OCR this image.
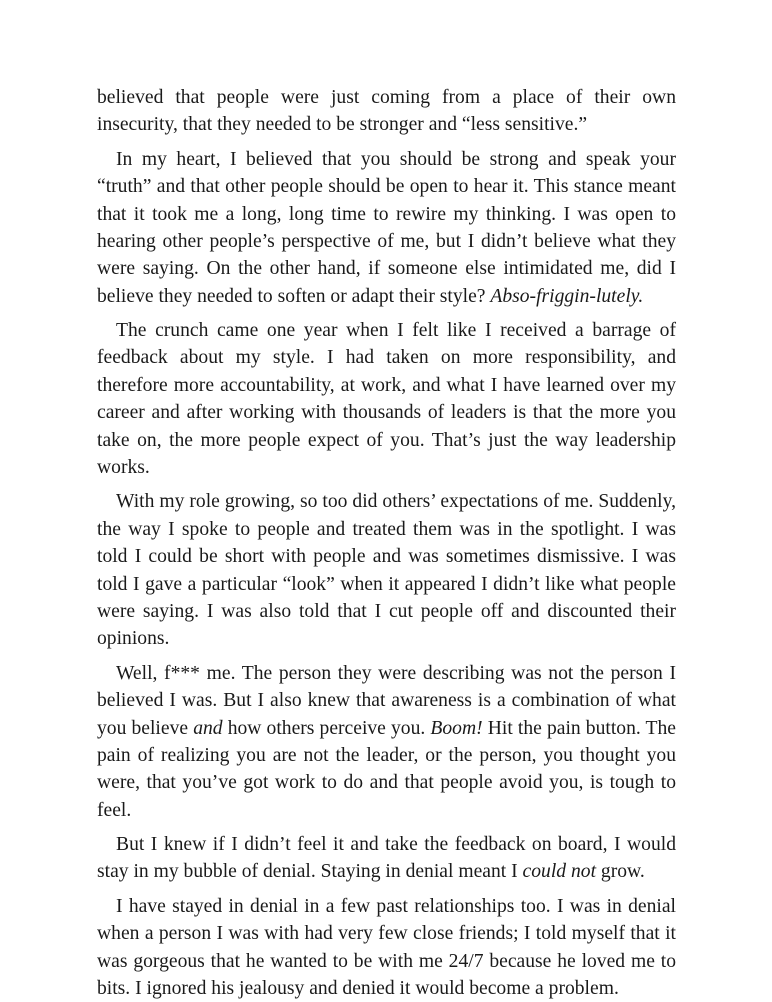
believed that people were just coming from a place of their own insecurity, that they needed to be stronger and “less sensitive.”

In my heart, I believed that you should be strong and speak your “truth” and that other people should be open to hear it. This stance meant that it took me a long, long time to rewire my thinking. I was open to hearing other people’s perspective of me, but I didn’t believe what they were saying. On the other hand, if someone else intimidated me, did I believe they needed to soften or adapt their style? Abso-friggin-lutely.

The crunch came one year when I felt like I received a barrage of feedback about my style. I had taken on more responsibility, and therefore more accountability, at work, and what I have learned over my career and after working with thousands of leaders is that the more you take on, the more people expect of you. That’s just the way leadership works.

With my role growing, so too did others’ expectations of me. Suddenly, the way I spoke to people and treated them was in the spotlight. I was told I could be short with people and was sometimes dismissive. I was told I gave a particular “look” when it appeared I didn’t like what people were saying. I was also told that I cut people off and discounted their opinions.

Well, f*** me. The person they were describing was not the person I believed I was. But I also knew that awareness is a combination of what you believe and how others perceive you. Boom! Hit the pain button. The pain of realizing you are not the leader, or the person, you thought you were, that you’ve got work to do and that people avoid you, is tough to feel.

But I knew if I didn’t feel it and take the feedback on board, I would stay in my bubble of denial. Staying in denial meant I could not grow.

I have stayed in denial in a few past relationships too. I was in denial when a person I was with had very few close friends; I told myself that it was gorgeous that he wanted to be with me 24/7 because he loved me to bits. I ignored his jealousy and denied it would become a problem.
